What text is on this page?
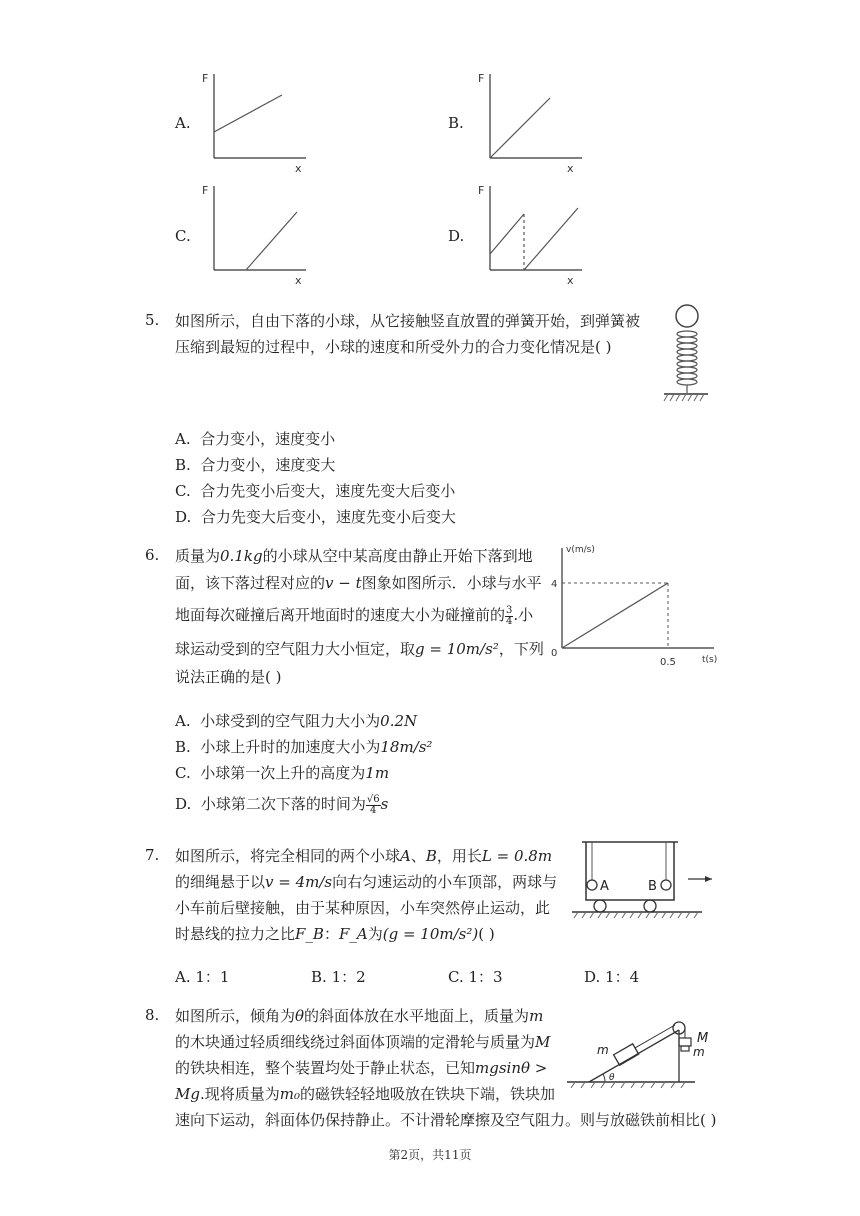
A.
F
x
B.
F
x
C.
F
x
D.
F
x
5. 如图所示，自由下落的小球，从它接触竖直放置的弹簧开始，到弹簧被
压缩到最短的过程中，小球的速度和所受外力的合力变化情况是( )
A. 合力变小，速度变小
B. 合力变小，速度变大
C. 合力先变小后变大，速度先变大后变小
D. 合力先变大后变小，速度先变小后变大
6. 质量为0.1kg的小球从空中某高度由静止开始下落到地
面，该下落过程对应的v − t图象如图所示．小球与水平
地面每次碰撞后离开地面时的速度大小为碰撞前的 $\frac{3}{4}$ .小
球运动受到的空气阻力大小恒定，取g = 10m/s²，下列
说法正确的是( )
v(m/s)
t(s)
4
0.5
0
A. 小球受到的空气阻力大小为0.2N
B. 小球上升时的加速度大小为18m/s²
C. 小球第一次上升的高度为1m
D. 小球第二次下落的时间为 $\frac{√6}{4}$ s
7. 如图所示，将完全相同的两个小球A、B，用长L = 0.8m
的细绳悬于以v = 4m/s向右匀速运动的小车顶部，两球与
小车前后壁接触，由于某种原因，小车突然停止运动，此
时悬线的拉力之比F_B：F_A为(g = 10m/s²)( )
A	B
A. 1：1	B. 1：2	C. 1：3	D. 1：4
8. 如图所示，倾角为θ的斜面体放在水平地面上，质量为m
的木块通过轻质细线绕过斜面体顶端的定滑轮与质量为M
的铁块相连，整个装置均处于静止状态，已知mgsinθ >
Mg.现将质量为m₀的磁铁轻轻地吸放在铁块下端，铁块加
速向下运动，斜面体仍保持静止。不计滑轮摩擦及空气阻力。则与放磁铁前相比( )
m
M
m
θ
第2页，共11页
